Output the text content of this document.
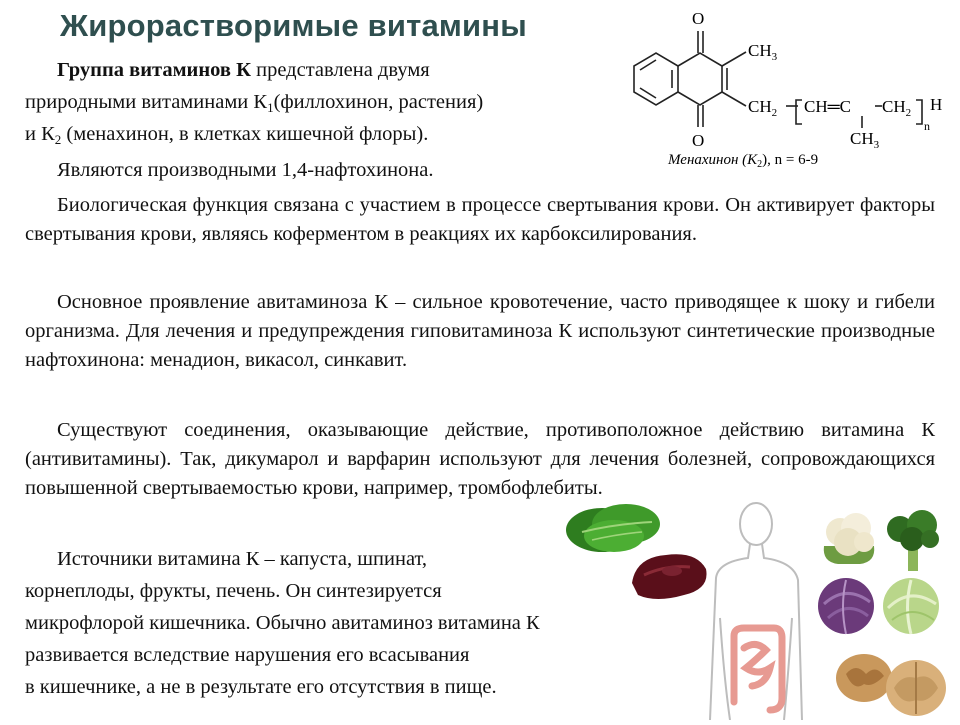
Жирорастворимые витамины	O
O
$CH_3$
$CH_2$ CH═C $CH_2$ H
n
$CH_3$
Менахинон $(К_2)$, n = 6-9
Группа витаминов К представлена двумя
природными витаминами $К_1(филлохинон$, растения)
и $К_2$ (менахинон, в клетках кишечной флоры).
Являются производными 1,4-нафтохинона.
Биологическая функция связана с участием в процессе свертывания крови. Он активирует факторы свертывания крови, являясь коферментом в реакциях их карбоксилирования.
Основное проявление авитаминоза К – сильное кровотечение, часто приводящее к шоку и гибели организма. Для лечения и предупреждения гиповитаминоза К используют синтетические производные нафтохинона: менадион, викасол, синкавит.
Существуют соединения, оказывающие действие, противоположное действию витамина К (антивитамины). Так, дикумарол и варфарин используют для лечения болезней, сопровождающихся повышенной свертываемостью крови, например, тромбофлебиты.
Источники витамина К – капуста, шпинат,
корнеплоды, фрукты, печень. Он синтезируется
микрофлорой кишечника. Обычно авитаминоз витамина К
развивается вследствие нарушения его всасывания
в кишечнике, а не в результате его отсутствия в пище.
